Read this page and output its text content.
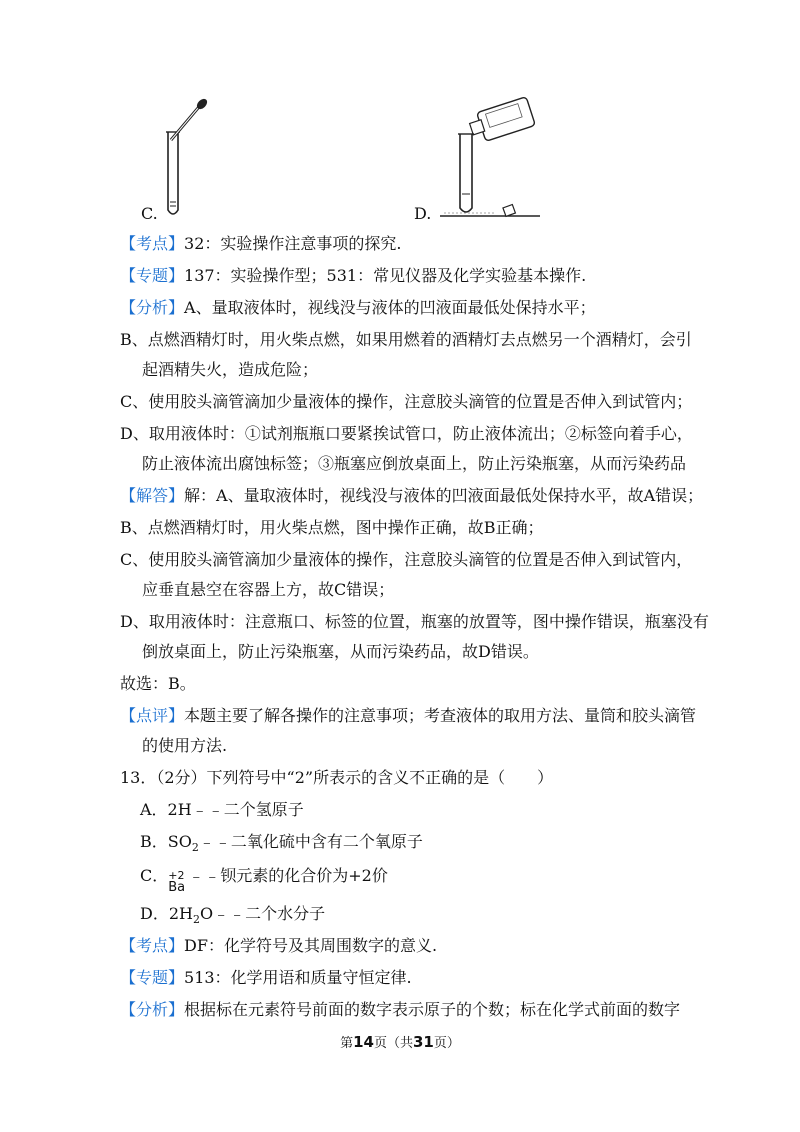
C.	D.
【考点】32：实验操作注意事项的探究.
【专题】137：实验操作型；531：常见仪器及化学实验基本操作.
【分析】A、量取液体时，视线没与液体的凹液面最低处保持水平；
B、点燃酒精灯时，用火柴点燃，如果用燃着的酒精灯去点燃另一个酒精灯，会引
起酒精失火，造成危险；
C、使用胶头滴管滴加少量液体的操作，注意胶头滴管的位置是否伸入到试管内；
D、取用液体时：①试剂瓶瓶口要紧挨试管口，防止液体流出；②标签向着手心，
防止液体流出腐蚀标签；③瓶塞应倒放桌面上，防止污染瓶塞，从而污染药品
【解答】解：A、量取液体时，视线没与液体的凹液面最低处保持水平，故A错误；
B、点燃酒精灯时，用火柴点燃，图中操作正确，故B正确；
C、使用胶头滴管滴加少量液体的操作，注意胶头滴管的位置是否伸入到试管内，
应垂直悬空在容器上方，故C错误；
D、取用液体时：注意瓶口、标签的位置，瓶塞的放置等，图中操作错误，瓶塞没有
倒放桌面上，防止污染瓶塞，从而污染药品，故D错误。
故选：B。
【点评】本题主要了解各操作的注意事项；考查液体的取用方法、量筒和胶头滴管
的使用方法.
13．（2分）下列符号中“2”所表示的含义不正确的是（　　）
A．2H﹣﹣二个氢原子
B．$SO_2﹣﹣$二氧化硫中含有二个氧原子
C． +2
Ba
﹣﹣钡元素的化合价为+2价
D．$2H_2O﹣﹣$二个水分子
【考点】DF：化学符号及其周围数字的意义.
【专题】513：化学用语和质量守恒定律.
【分析】根据标在元素符号前面的数字表示原子的个数；标在化学式前面的数字
第14页（共31页）
